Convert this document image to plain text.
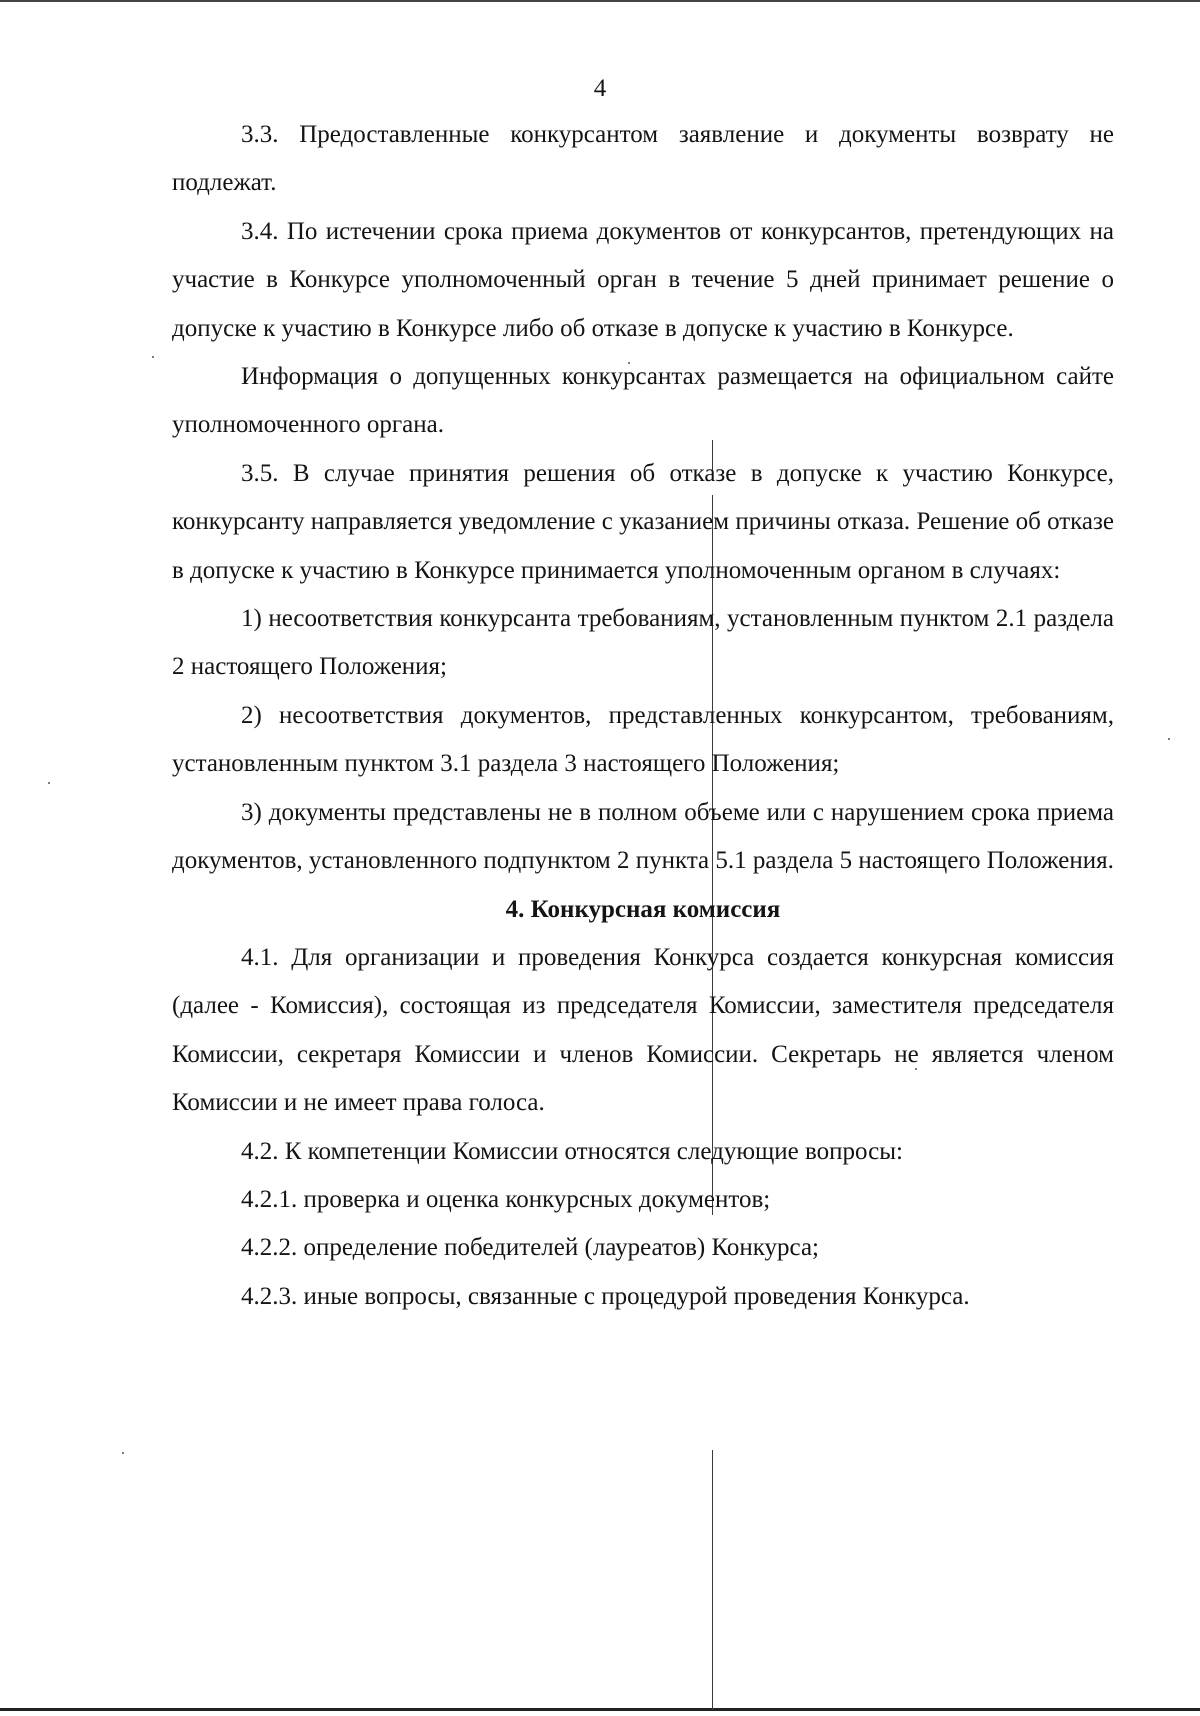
4

3.3. Предоставленные конкурсантом заявление и документы возврату не подлежат.

3.4. По истечении срока приема документов от конкурсантов, претендующих на участие в Конкурсе уполномоченный орган в течение 5 дней принимает решение о допуске к участию в Конкурсе либо об отказе в допуске к участию в Конкурсе.

Информация о допущенных конкурсантах размещается на официальном сайте уполномоченного органа.

3.5. В случае принятия решения об отказе в допуске к участию Конкурсе, конкурсанту направляется уведомление с указанием причины отказа. Решение об отказе в допуске к участию в Конкурсе принимается уполномоченным органом в случаях:

1) несоответствия конкурсанта требованиям, установленным пунктом 2.1 раздела 2 настоящего Положения;

2) несоответствия документов, представленных конкурсантом, требованиям, установленным пунктом 3.1 раздела 3 настоящего Положения;

3) документы представлены не в полном объеме или с нарушением срока приема документов, установленного подпунктом 2 пункта 5.1 раздела 5 настоящего Положения.

4. Конкурсная комиссия

4.1. Для организации и проведения Конкурса создается конкурсная комиссия (далее - Комиссия), состоящая из председателя Комиссии, заместителя председателя Комиссии, секретаря Комиссии и членов Комиссии. Секретарь не является членом Комиссии и не имеет права голоса.

4.2. К компетенции Комиссии относятся следующие вопросы:

4.2.1. проверка и оценка конкурсных документов;

4.2.2. определение победителей (лауреатов) Конкурса;

4.2.3. иные вопросы, связанные с процедурой проведения Конкурса.
